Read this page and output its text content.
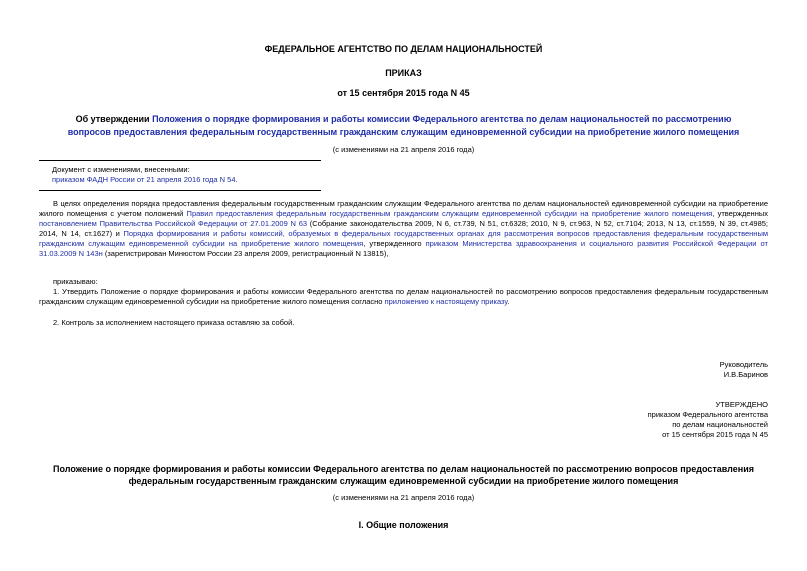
ФЕДЕРАЛЬНОЕ АГЕНТСТВО ПО ДЕЛАМ НАЦИОНАЛЬНОСТЕЙ
ПРИКАЗ
от 15 сентября 2015 года N 45
Об утверждении Положения о порядке формирования и работы комиссии Федерального агентства по делам национальностей по рассмотрению вопросов предоставления федеральным государственным гражданским служащим единовременной субсидии на приобретение жилого помещения
(с изменениями на 21 апреля 2016 года)
Документ с изменениями, внесенными:
приказом ФАДН России от 21 апреля 2016 года N 54.
В целях определения порядка предоставления федеральным государственным гражданским служащим Федерального агентства по делам национальностей единовременной субсидии на приобретение жилого помещения с учетом положений Правил предоставления федеральным государственным гражданским служащим единовременной субсидии на приобретение жилого помещения, утвержденных постановлением Правительства Российской Федерации от 27.01.2009 N 63 (Собрание законодательства 2009, N 6, ст.739, N 51, ст.6328; 2010, N 9, ст.963, N 52, ст.7104; 2013, N 13, ст.1559, N 39, ст.4985; 2014, N 14, ст.1627) и Порядка формирования и работы комиссий, образуемых в федеральных государственных органах для рассмотрения вопросов предоставления федеральным государственным гражданским служащим единовременной субсидии на приобретение жилого помещения, утвержденного приказом Министерства здравоохранения и социального развития Российской Федерации от 31.03.2009 N 143н (зарегистрирован Минюстом России 23 апреля 2009, регистрационный N 13815),
приказываю:
1. Утвердить Положение о порядке формирования и работы комиссии Федерального агентства по делам национальностей по рассмотрению вопросов предоставления федеральным государственным гражданским служащим единовременной субсидии на приобретение жилого помещения согласно приложению к настоящему приказу.
2. Контроль за исполнением настоящего приказа оставляю за собой.
Руководитель
И.В.Баринов
УТВЕРЖДЕНО
приказом Федерального агентства
по делам национальностей
от 15 сентября 2015 года N 45
Положение о порядке формирования и работы комиссии Федерального агентства по делам национальностей по рассмотрению вопросов предоставления федеральным государственным гражданским служащим единовременной субсидии на приобретение жилого помещения
(с изменениями на 21 апреля 2016 года)
I. Общие положения
